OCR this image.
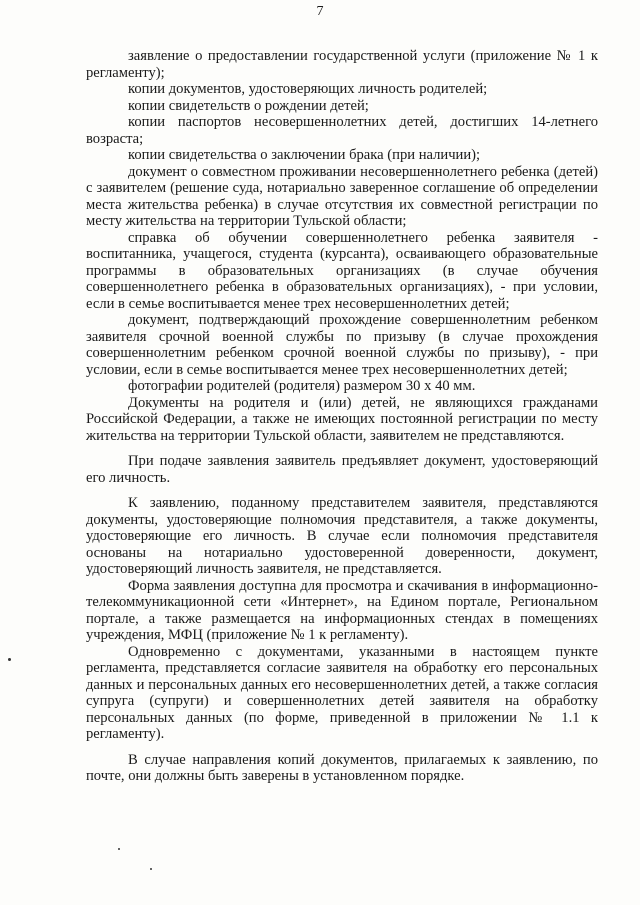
7

заявление о предоставлении государственной услуги (приложение № 1 к регламенту);

копии документов, удостоверяющих личность родителей;

копии свидетельств о рождении детей;

копии паспортов несовершеннолетних детей, достигших 14-летнего возраста;

копии свидетельства о заключении брака (при наличии);

документ о совместном проживании несовершеннолетнего ребенка (детей) с заявителем (решение суда, нотариально заверенное соглашение об определении места жительства ребенка) в случае отсутствия их совместной регистрации по месту жительства на территории Тульской области;

справка об обучении совершеннолетнего ребенка заявителя - воспитанника, учащегося, студента (курсанта), осваивающего образовательные программы в образовательных организациях (в случае обучения совершеннолетнего ребенка в образовательных организациях), - при условии, если в семье воспитывается менее трех несовершеннолетних детей;

документ, подтверждающий прохождение совершеннолетним ребенком заявителя срочной военной службы по призыву (в случае прохождения совершеннолетним ребенком срочной военной службы по призыву), - при условии, если в семье воспитывается менее трех несовершеннолетних детей;

фотографии родителей (родителя) размером 30 х 40 мм.

Документы на родителя и (или) детей, не являющихся гражданами Российской Федерации, а также не имеющих постоянной регистрации по месту жительства на территории Тульской области, заявителем не представляются.

При подаче заявления заявитель предъявляет документ, удостоверяющий его личность.

К заявлению, поданному представителем заявителя, представляются документы, удостоверяющие полномочия представителя, а также документы, удостоверяющие его личность. В случае если полномочия представителя основаны на нотариально удостоверенной доверенности, документ, удостоверяющий личность заявителя, не представляется.

Форма заявления доступна для просмотра и скачивания в информационно-телекоммуникационной сети «Интернет», на Едином портале, Региональном портале, а также размещается на информационных стендах в помещениях учреждения, МФЦ (приложение № 1 к регламенту).

Одновременно с документами, указанными в настоящем пункте регламента, представляется согласие заявителя на обработку его персональных данных и персональных данных его несовершеннолетних детей, а также согласия супруга (супруги) и совершеннолетних детей заявителя на обработку персональных данных (по форме, приведенной в приложении № 1.1 к регламенту).

В случае направления копий документов, прилагаемых к заявлению, по почте, они должны быть заверены в установленном порядке.
